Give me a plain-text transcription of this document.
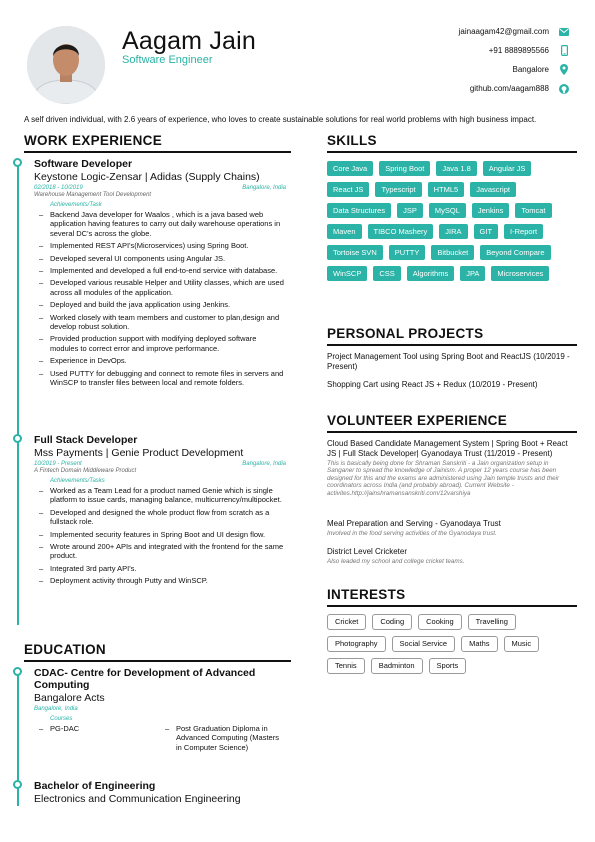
Aagam Jain
Software Engineer
jainaagam42@gmail.com
+91 8889895566
Bangalore
github.com/aagam888
A self driven individual, with 2.6 years of experience, who loves to create sustainable solutions for real world problems with high business impact.
WORK EXPERIENCE
Software Developer
Keystone Logic-Zensar | Adidas (Supply Chains)
02/2018 - 10/2019	Bangalore, India
Warehouse Management Tool Development
Achievements/Task
– Backend Java developer for Waalos , which is a java based web application having features to carry out daily warehouse operations in several DC's across the globe.
– Implemented REST API's(Microservices) using Spring Boot.
– Developed several UI components using Angular JS.
– Implemented and developed a full end-to-end service with database.
– Developed various reusable Helper and Utility classes, which are used across all modules of the application.
– Deployed and build the java application using Jenkins.
– Worked closely with team members and customer to plan,design and develop robust solution.
– Provided production support with modifying deployed software modules to correct error and improve performance.
– Experience in DevOps.
– Used PUTTY for debugging and connect to remote files in servers and WinSCP to transfer files between local and remote folders.
Full Stack Developer
Mss Payments | Genie Product Development
10/2019 - Present	Bangalore, India
A Fintech Domain Middleware Product
Achievements/Tasks
– Worked as a Team Lead for a product named Genie which is single platform to issue cards, managing balance, multicurrency/multipocket.
– Developed and designed the whole product flow from scratch as a fullstack role.
– Implemented security features in Spring Boot and UI design flow.
– Wrote around 200+ APIs and integrated with the frontend for the same product.
– Integrated 3rd party API's.
– Deployment activity through Putty and WinSCP.
EDUCATION
CDAC- Centre for Development of Advanced Computing
Bangalore Acts
Bangalore, India
Courses
– PG-DAC
–	Post Graduation Diploma in Advanced Computing (Masters in Computer Science)
Bachelor of Engineering
Electronics and Communication Engineering
SKILLS
Core Java	Spring Boot	Java 1.8	Angular JS
React JS	Typescript	HTML5	Javascript
Data Structures	JSP	MySQL	Jenkins	Tomcat
Maven	TIBCO Mashery	JIRA	GIT	I-Report
Tortoise SVN	PUTTY	Bitbucket	Beyond Compare
WinSCP	CSS	Algorithms	JPA	Microservices
PERSONAL PROJECTS
Project Management Tool using Spring Boot and ReactJS (10/2019 - Present)
Shopping Cart using React JS + Redux (10/2019 - Present)
VOLUNTEER EXPERIENCE
Cloud Based Candidate Management System | Spring Boot + React JS | Full Stack Developer| Gyanodaya Trust (11/2019 - Present)
This is basically being done for Shraman Sanskriti - a Jain organization setup in Sanganer to spread the knowledge of Jainism. A proper 12 years course has been designed for this and the exams are administered using Jain temple trusts and their coordinators across India (and probably abroad). Current Website - activites.http://jainshramansanskriti.com/12varshiya
Meal Preparation and Serving - Gyanodaya Trust
Involved in the food serving activities of the Gyanodaya trust.
District Level Cricketer
Also leaded my school and college cricket teams.
INTERESTS
Cricket	Coding	Cooking	Travelling
Photography	Social Service	Maths	Music
Tennis	Badminton	Sports
